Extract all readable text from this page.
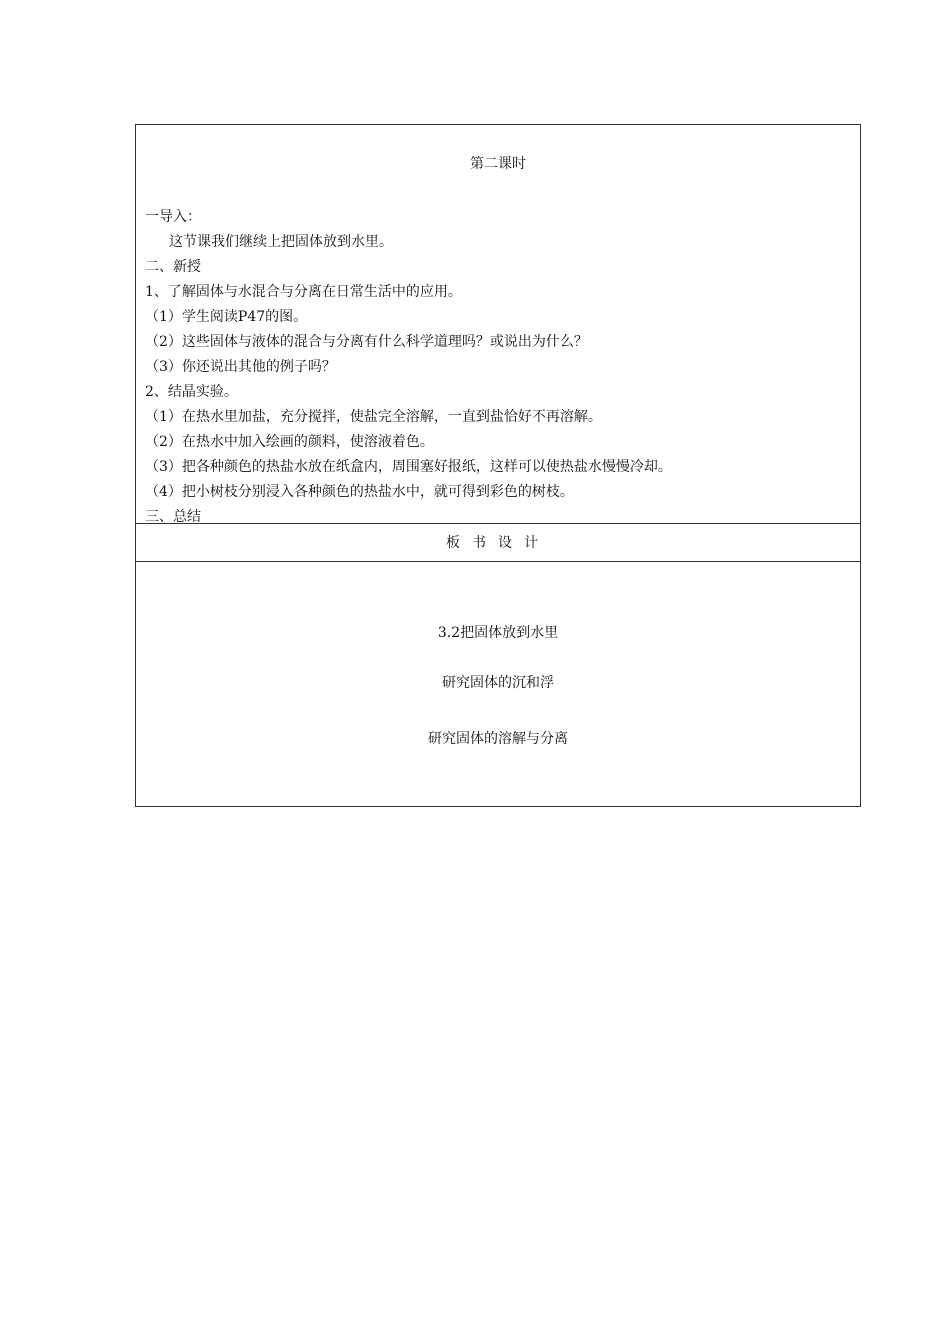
第二课时
一导入：
这节课我们继续上把固体放到水里。
二、新授
1、了解固体与水混合与分离在日常生活中的应用。
（1）学生阅读P47的图。
（2）这些固体与液体的混合与分离有什么科学道理吗？或说出为什么？
（3）你还说出其他的例子吗？
2、结晶实验。
（1）在热水里加盐，充分搅拌，使盐完全溶解，一直到盐恰好不再溶解。
（2）在热水中加入绘画的颜料，使溶液着色。
（3）把各种颜色的热盐水放在纸盒内，周围塞好报纸，这样可以使热盐水慢慢冷却。
（4）把小树枝分别浸入各种颜色的热盐水中，就可得到彩色的树枝。
三、总结
板书设计
3.2把固体放到水里
研究固体的沉和浮
研究固体的溶解与分离
